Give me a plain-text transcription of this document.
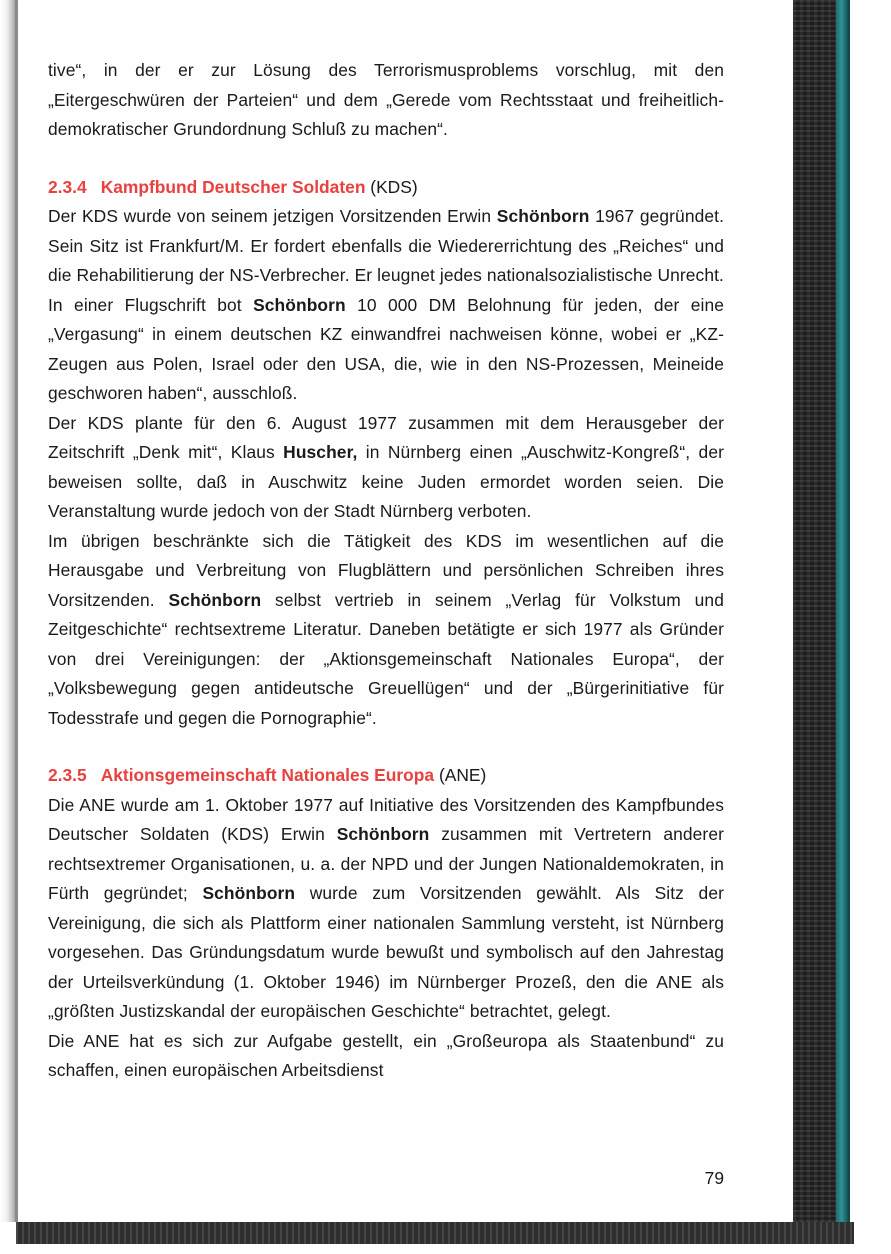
tive“, in der er zur Lösung des Terrorismusproblems vorschlug, mit den „Eitergeschwüren der Parteien“ und dem „Gerede vom Rechtsstaat und freiheitlich-demokratischer Grundordnung Schluß zu machen“.

2.3.4 Kampfbund Deutscher Soldaten (KDS)

Der KDS wurde von seinem jetzigen Vorsitzenden Erwin Schönborn 1967 gegründet. Sein Sitz ist Frankfurt/M. Er fordert ebenfalls die Wiedererrichtung des „Reiches“ und die Rehabilitierung der NS-Verbrecher. Er leugnet jedes nationalsozialistische Unrecht. In einer Flugschrift bot Schönborn 10 000 DM Belohnung für jeden, der eine „Vergasung“ in einem deutschen KZ einwandfrei nachweisen könne, wobei er „KZ-Zeugen aus Polen, Israel oder den USA, die, wie in den NS-Prozessen, Meineide geschworen haben“, ausschloß.

Der KDS plante für den 6. August 1977 zusammen mit dem Herausgeber der Zeitschrift „Denk mit“, Klaus Huscher, in Nürnberg einen „Auschwitz-Kongreß“, der beweisen sollte, daß in Auschwitz keine Juden ermordet worden seien. Die Veranstaltung wurde jedoch von der Stadt Nürnberg verboten.

Im übrigen beschränkte sich die Tätigkeit des KDS im wesentlichen auf die Herausgabe und Verbreitung von Flugblättern und persönlichen Schreiben ihres Vorsitzenden. Schönborn selbst vertrieb in seinem „Verlag für Volkstum und Zeitgeschichte“ rechtsextreme Literatur. Daneben betätigte er sich 1977 als Gründer von drei Vereinigungen: der „Aktionsgemeinschaft Nationales Europa“, der „Volksbewegung gegen antideutsche Greuellügen“ und der „Bürgerinitiative für Todesstrafe und gegen die Pornographie“.

2.3.5 Aktionsgemeinschaft Nationales Europa (ANE)

Die ANE wurde am 1. Oktober 1977 auf Initiative des Vorsitzenden des Kampfbundes Deutscher Soldaten (KDS) Erwin Schönborn zusammen mit Vertretern anderer rechtsextremer Organisationen, u. a. der NPD und der Jungen Nationaldemokraten, in Fürth gegründet; Schönborn wurde zum Vorsitzenden gewählt. Als Sitz der Vereinigung, die sich als Plattform einer nationalen Sammlung versteht, ist Nürnberg vorgesehen. Das Gründungsdatum wurde bewußt und symbolisch auf den Jahrestag der Urteilsverkündung (1. Oktober 1946) im Nürnberger Prozeß, den die ANE als „größten Justizskandal der europäischen Geschichte“ betrachtet, gelegt.

Die ANE hat es sich zur Aufgabe gestellt, ein „Großeuropa als Staatenbund“ zu schaffen, einen europäischen Arbeitsdienst

79
